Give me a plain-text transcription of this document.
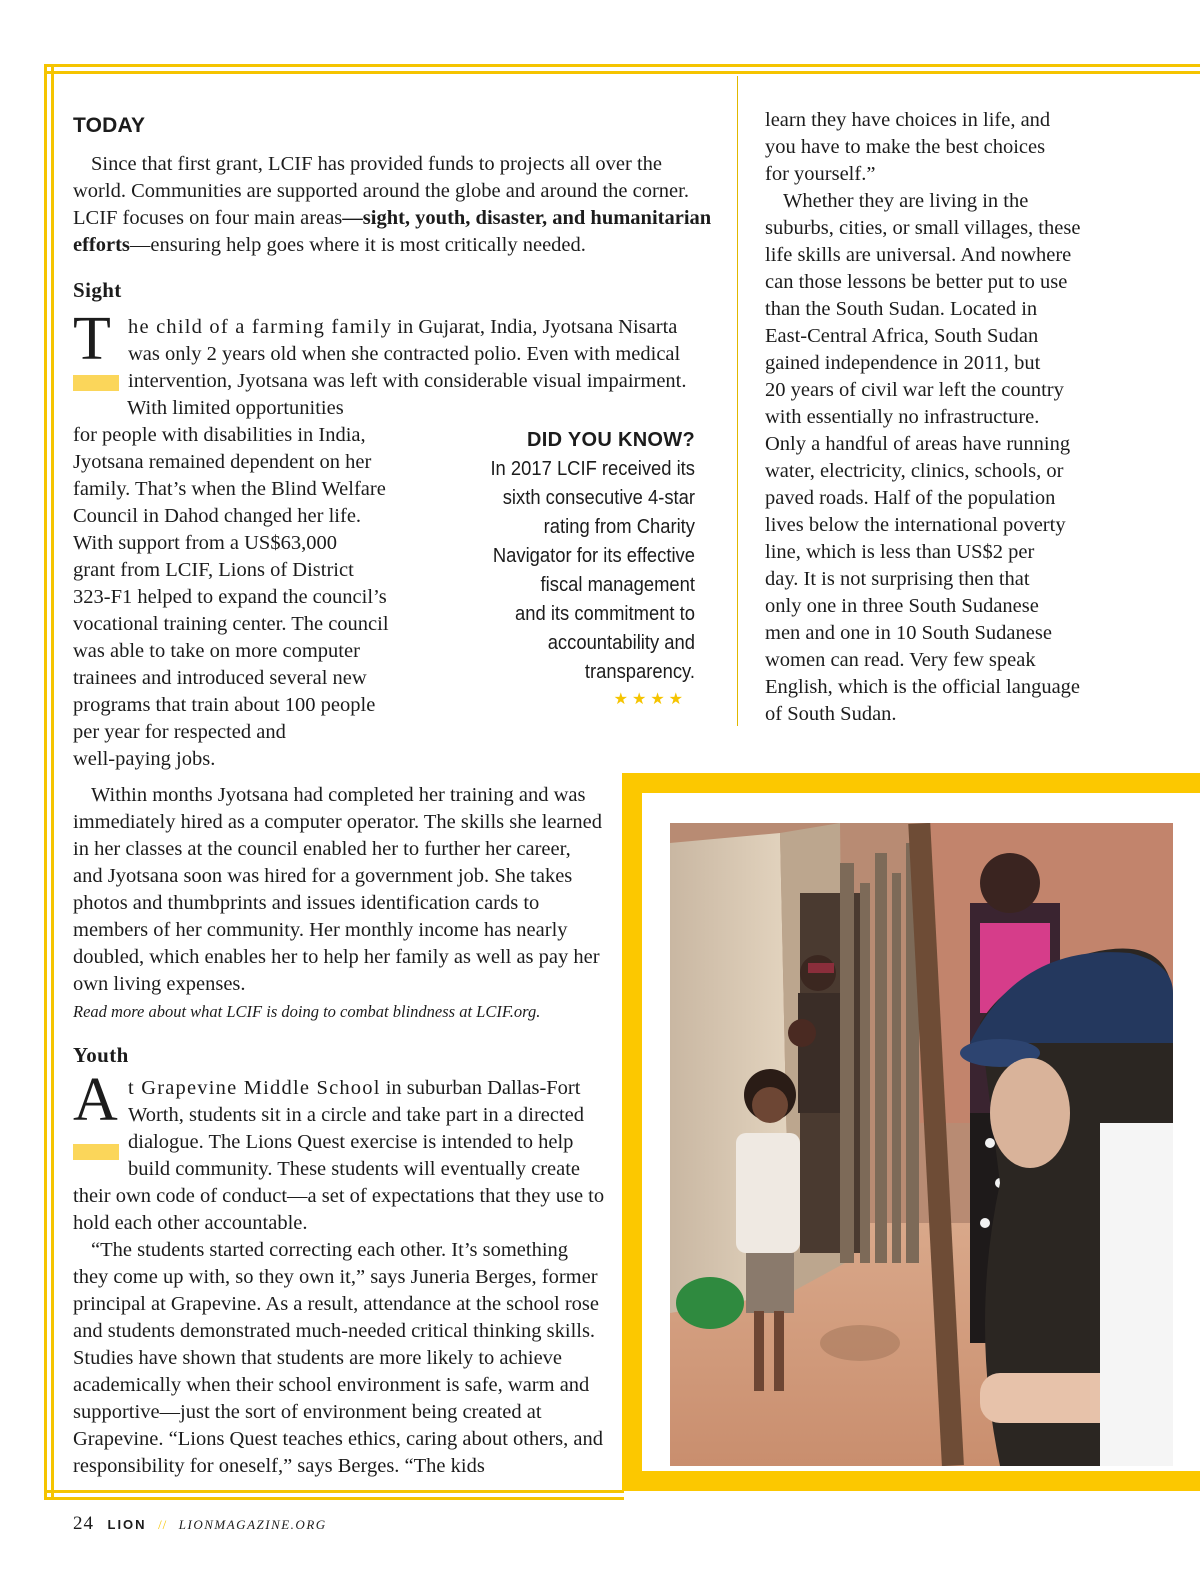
TODAY

Since that first grant, LCIF has provided funds to projects all over the world. Communities are supported around the globe and around the corner. LCIF focuses on four main areas—sight, youth, disaster, and humanitarian efforts—ensuring help goes where it is most critically needed.

Sight
T he child of a farming family in Gujarat, India, Jyotsana Nisarta was only 2 years old when she contracted polio. Even with medical intervention, Jyotsana was left with considerable visual impairment.
With limited opportunities
for people with disabilities in India,
Jyotsana remained dependent on her
family. That’s when the Blind Welfare
Council in Dahod changed her life.
With support from a US$63,000
grant from LCIF, Lions of District
323-F1 helped to expand the council’s
vocational training center. The council
was able to take on more computer
trainees and introduced several new
programs that train about 100 people
per year for respected and
well-paying jobs.
DID YOU KNOW?
In 2017 LCIF received its
sixth consecutive 4-star
rating from Charity
Navigator for its effective
fiscal management
and its commitment to
accountability and
transparency.
★★★★

Within months Jyotsana had completed her training and was immediately hired as a computer operator. The skills she learned in her classes at the council enabled her to further her career, and Jyotsana soon was hired for a government job. She takes photos and thumbprints and issues identification cards to members of her community. Her monthly income has nearly doubled, which enables her to help her family as well as pay her own living expenses.

Read more about what LCIF is doing to combat blindness at LCIF.org.
Youth
A t Grapevine Middle School in suburban Dallas-Fort Worth, students sit in a circle and take part in a directed dialogue. The Lions Quest exercise is intended to help build community. These students will eventually create their own code of conduct—a set of expectations that they use to hold each other accountable.

“The students started correcting each other. It’s something they come up with, so they own it,” says Juneria Berges, former principal at Grapevine. As a result, attendance at the school rose and students demonstrated much-needed critical thinking skills. Studies have shown that students are more likely to achieve academically when their school environment is safe, warm and supportive—just the sort of environment being created at Grapevine. “Lions Quest teaches ethics, caring about others, and responsibility for oneself,” says Berges. “The kids

learn they have choices in life, and
you have to make the best choices
for yourself.”
Whether they are living in the
suburbs, cities, or small villages, these
life skills are universal. And nowhere
can those lessons be better put to use
than the South Sudan. Located in
East-Central Africa, South Sudan
gained independence in 2011, but
20 years of civil war left the country
with essentially no infrastructure.
Only a handful of areas have running
water, electricity, clinics, schools, or
paved roads. Half of the population
lives below the international poverty
line, which is less than US$2 per
day. It is not surprising then that
only one in three South Sudanese
men and one in 10 South Sudanese
women can read. Very few speak
English, which is the official language
of South Sudan.
24 LION // LIONMAGAZINE.ORG
